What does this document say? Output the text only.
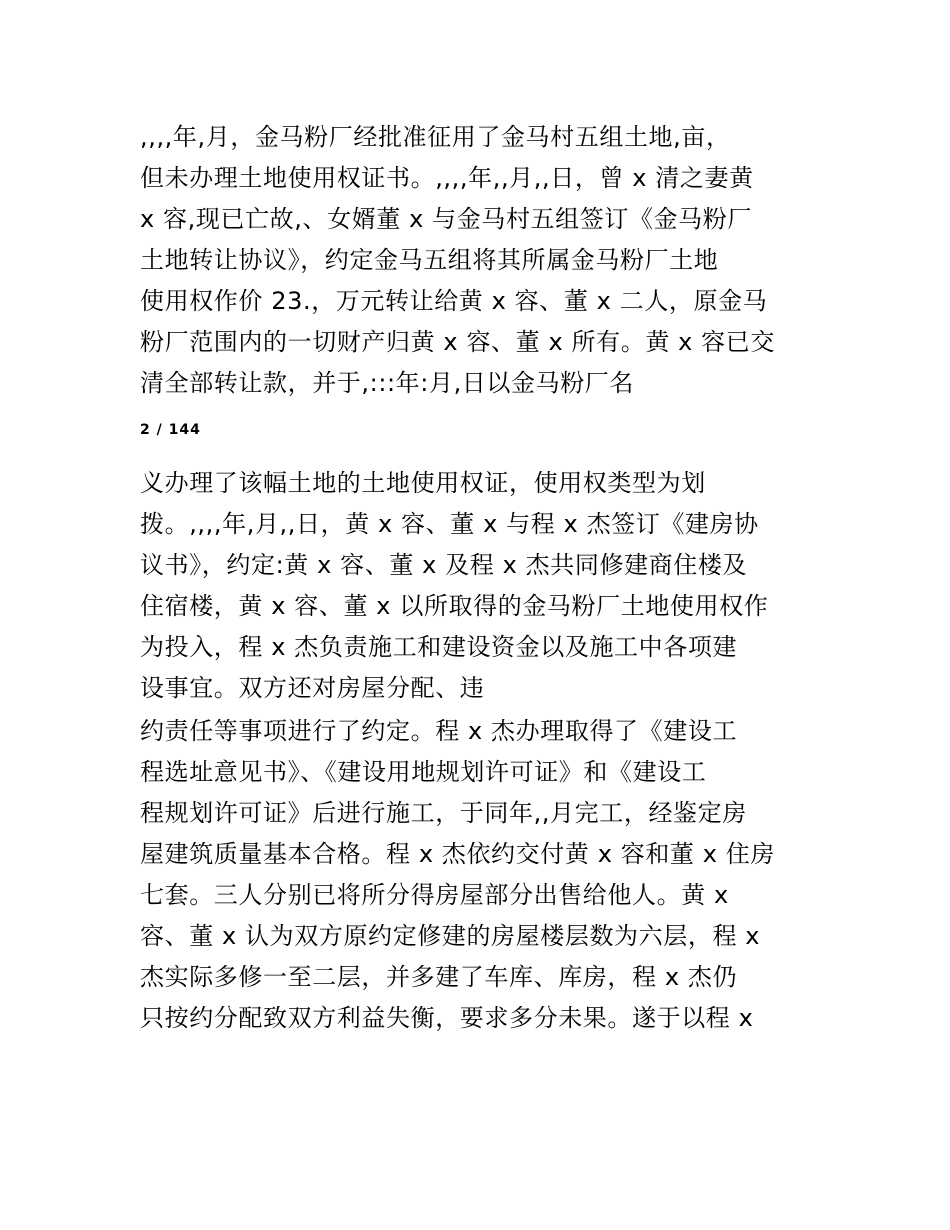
,,,,年,月，金马粉厂经批准征用了金马村五组土地,亩，
但未办理土地使用权证书。,,,,年,,月,,日，曾 x 清之妻黄
x 容,现已亡故,、女婿董 x 与金马村五组签订《金马粉厂
土地转让协议》，约定金马五组将其所属金马粉厂土地
使用权作价 23.，万元转让给黄 x 容、董 x 二人，原金马
粉厂范围内的一切财产归黄 x 容、董 x 所有。黄 x 容已交
清全部转让款，并于,:::年:月,日以金马粉厂名
2 / 144
义办理了该幅土地的土地使用权证，使用权类型为划
拨。,,,,年,月,,日，黄 x 容、董 x 与程 x 杰签订《建房协
议书》，约定:黄 x 容、董 x 及程 x 杰共同修建商住楼及
住宿楼，黄 x 容、董 x 以所取得的金马粉厂土地使用权作
为投入，程 x 杰负责施工和建设资金以及施工中各项建
设事宜。双方还对房屋分配、违
约责任等事项进行了约定。程 x 杰办理取得了《建设工
程选址意见书》、《建设用地规划许可证》和《建设工
程规划许可证》后进行施工，于同年,,月完工，经鉴定房
屋建筑质量基本合格。程 x 杰依约交付黄 x 容和董 x 住房
七套。三人分别已将所分得房屋部分出售给他人。黄 x
容、董 x 认为双方原约定修建的房屋楼层数为六层，程 x
杰实际多修一至二层，并多建了车库、库房，程 x 杰仍
只按约分配致双方利益失衡，要求多分未果。遂于以程 x
